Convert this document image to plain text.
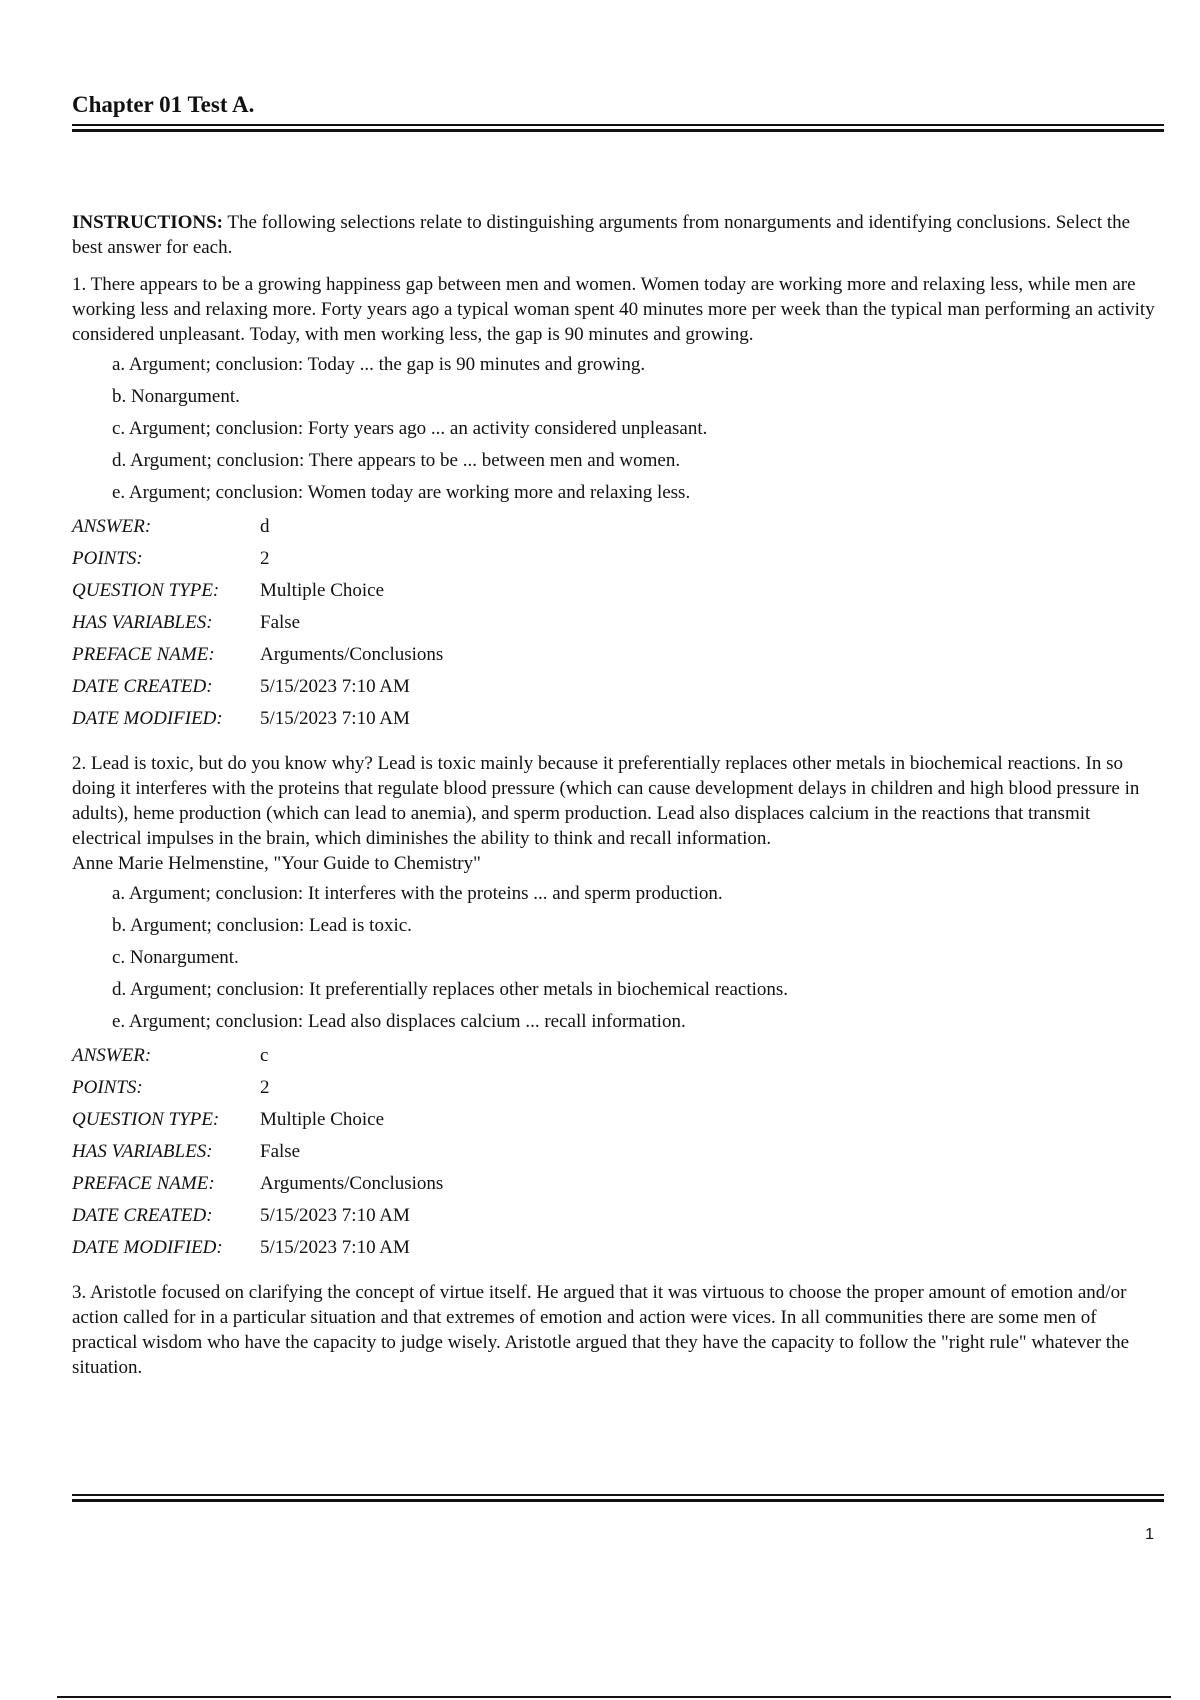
Chapter 01 Test A.

INSTRUCTIONS: The following selections relate to distinguishing arguments from nonarguments and identifying conclusions. Select the best answer for each.

1. There appears to be a growing happiness gap between men and women. Women today are working more and relaxing less, while men are working less and relaxing more. Forty years ago a typical woman spent 40 minutes more per week than the typical man performing an activity considered unpleasant. Today, with men working less, the gap is 90 minutes and growing.

a. Argument; conclusion: Today ... the gap is 90 minutes and growing.
b. Nonargument.
c. Argument; conclusion: Forty years ago ... an activity considered unpleasant.
d. Argument; conclusion: There appears to be ... between men and women.
e. Argument; conclusion: Women today are working more and relaxing less.
ANSWER:	d
POINTS:	2
QUESTION TYPE:	Multiple Choice
HAS VARIABLES:	False
PREFACE NAME:	Arguments/Conclusions
DATE CREATED:	5/15/2023 7:10 AM
DATE MODIFIED:	5/15/2023 7:10 AM

2. Lead is toxic, but do you know why? Lead is toxic mainly because it preferentially replaces other metals in biochemical reactions. In so doing it interferes with the proteins that regulate blood pressure (which can cause development delays in children and high blood pressure in adults), heme production (which can lead to anemia), and sperm production. Lead also displaces calcium in the reactions that transmit electrical impulses in the brain, which diminishes the ability to think and recall information.

Anne Marie Helmenstine, "Your Guide to Chemistry"

a. Argument; conclusion: It interferes with the proteins ... and sperm production.
b. Argument; conclusion: Lead is toxic.
c. Nonargument.
d. Argument; conclusion: It preferentially replaces other metals in biochemical reactions.
e. Argument; conclusion: Lead also displaces calcium ... recall information.
ANSWER:	c
POINTS:	2
QUESTION TYPE:	Multiple Choice
HAS VARIABLES:	False
PREFACE NAME:	Arguments/Conclusions
DATE CREATED:	5/15/2023 7:10 AM
DATE MODIFIED:	5/15/2023 7:10 AM

3. Aristotle focused on clarifying the concept of virtue itself. He argued that it was virtuous to choose the proper amount of emotion and/or action called for in a particular situation and that extremes of emotion and action were vices. In all communities there are some men of practical wisdom who have the capacity to judge wisely. Aristotle argued that they have the capacity to follow the "right rule" whatever the situation.

1
